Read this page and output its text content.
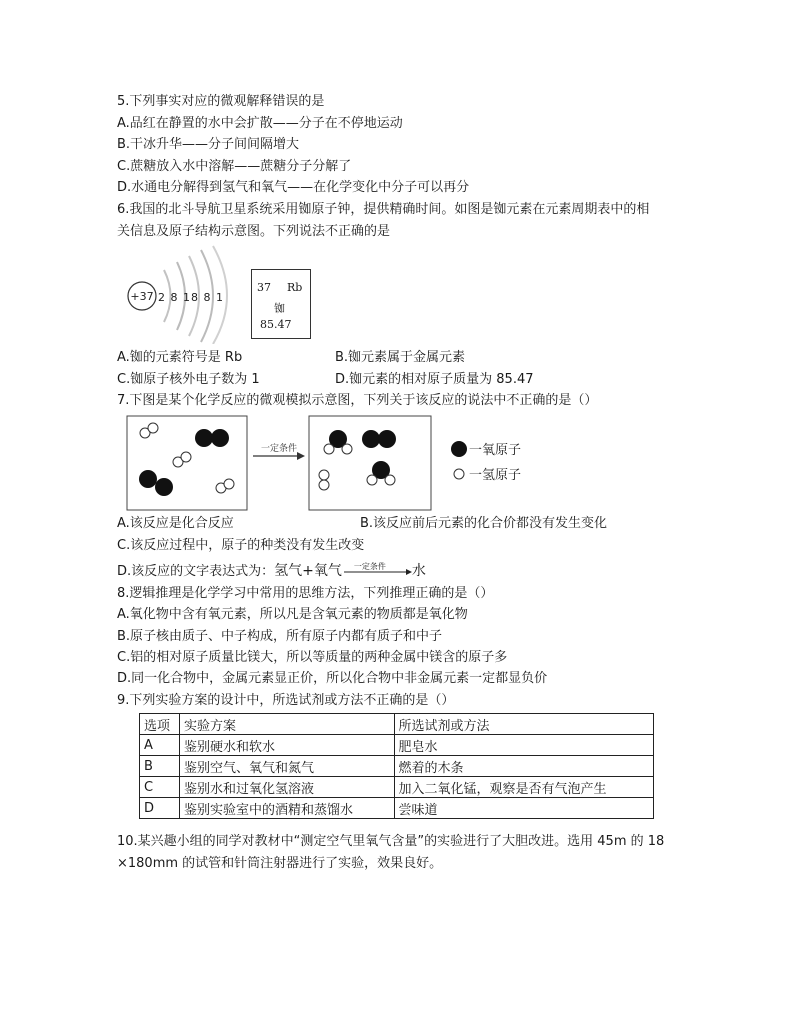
5.下列事实对应的微观解释错误的是
A.品红在静置的水中会扩散——分子在不停地运动
B.干冰升华——分子间间隔增大
C.蔗糖放入水中溶解——蔗糖分子分解了
D.水通电分解得到氢气和氧气——在化学变化中分子可以再分
6.我国的北斗导航卫星系统采用铷原子钟，提供精确时间。如图是铷元素在元素周期表中的相
关信息及原子结构示意图。下列说法不正确的是
+37 2 8 18 8 1
37 Rb
铷
85.47
A.铷的元素符号是 Rb	B.铷元素属于金属元素
C.铷原子核外电子数为 1	D.铷元素的相对原子质量为 85.47
7.下图是某个化学反应的微观模拟示意图，下列关于该反应的说法中不正确的是（）
一定条件	一氧原子
一氢原子
A.该反应是化合反应	B.该反应前后元素的化合价都没有发生变化
C.该反应过程中，原子的种类没有发生改变
D.该反应的文字表达式为：氢气+氧气 一定条件 水
8.逻辑推理是化学学习中常用的思维方法，下列推理正确的是（）
A.氧化物中含有氧元素，所以凡是含氧元素的物质都是氧化物
B.原子核由质子、中子构成，所有原子内都有质子和中子
C.铝的相对原子质量比镁大，所以等质量的两种金属中镁含的原子多
D.同一化合物中，金属元素显正价，所以化合物中非金属元素一定都显负价
9.下列实验方案的设计中，所选试剂或方法不正确的是（）
选项	实验方案	所选试剂或方法
A	鉴别硬水和软水	肥皂水
B	鉴别空气、氧气和氮气	燃着的木条
C	鉴别水和过氧化氢溶液	加入二氧化锰，观察是否有气泡产生
D	鉴别实验室中的酒精和蒸馏水	尝味道
10.某兴趣小组的同学对教材中“测定空气里氧气含量”的实验进行了大胆改进。选用 45m 的 18
×180mm 的试管和针筒注射器进行了实验，效果良好。
